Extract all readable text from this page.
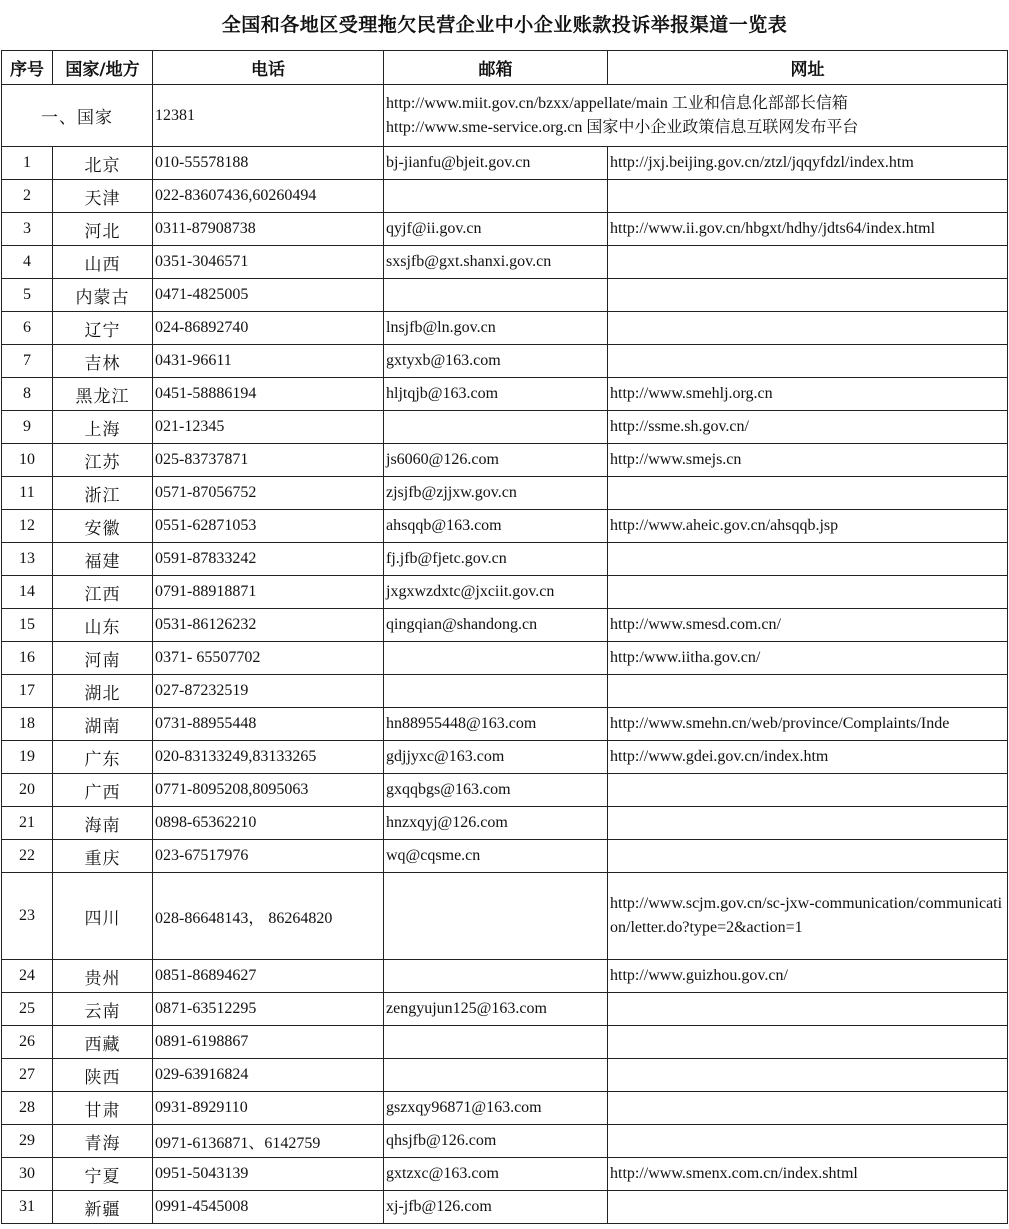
全国和各地区受理拖欠民营企业中小企业账款投诉举报渠道一览表
序号	国家/地方	电话	邮箱	网址
一、国家		12381	http://www.miit.gov.cn/bzxx/appellate/main 工业和信息化部部长信箱
http://www.sme-service.org.cn 国家中小企业政策信息互联网发布平台	

1	北京	010-55578188	bj-jianfu@bjeit.gov.cn	http://jxj.beijing.gov.cn/ztzl/jqqyfdzl/index.htm
2	天津	022-83607436,60260494		
3	河北	0311-87908738	qyjf@ii.gov.cn	http://www.ii.gov.cn/hbgxt/hdhy/jdts64/index.html
4	山西	0351-3046571	sxsjfb@gxt.shanxi.gov.cn	
5	内蒙古	0471-4825005		
6	辽宁	024-86892740	lnsjfb@ln.gov.cn	
7	吉林	0431-96611	gxtyxb@163.com	
8	黑龙江	0451-58886194	hljtqjb@163.com	http://www.smehlj.org.cn
9	上海	021-12345		http://ssme.sh.gov.cn/
10	江苏	025-83737871	js6060@126.com	http://www.smejs.cn
11	浙江	0571-87056752	zjsjfb@zjjxw.gov.cn	
12	安徽	0551-62871053	ahsqqb@163.com	http://www.aheic.gov.cn/ahsqqb.jsp
13	福建	0591-87833242	fj.jfb@fjetc.gov.cn	
14	江西	0791-88918871	jxgxwzdxtc@jxciit.gov.cn	
15	山东	0531-86126232	qingqian@shandong.cn	http://www.smesd.com.cn/
16	河南	0371- 65507702		http:/www.iitha.gov.cn/
17	湖北	027-87232519		
18	湖南	0731-88955448	hn88955448@163.com	http://www.smehn.cn/web/province/Complaints/Inde
19	广东	020-83133249,83133265	gdjjyxc@163.com	http://www.gdei.gov.cn/index.htm
20	广西	0771-8095208,8095063	gxqqbgs@163.com	
21	海南	0898-65362210	hnzxqyj@126.com	
22	重庆	023-67517976	wq@cqsme.cn	
23	四川	028-86648143， 86264820		http://www.scjm.gov.cn/sc-jxw-communication/communication/letter.do?type=2&action=1
24	贵州	0851-86894627		http://www.guizhou.gov.cn/
25	云南	0871-63512295	zengyujun125@163.com	
26	西藏	0891-6198867		
27	陕西	029-63916824		
28	甘肃	0931-8929110	gszxqy96871@163.com	
29	青海	0971-6136871、6142759	qhsjfb@126.com	
30	宁夏	0951-5043139	gxtzxc@163.com	http://www.smenx.com.cn/index.shtml
31	新疆	0991-4545008	xj-jfb@126.com	
